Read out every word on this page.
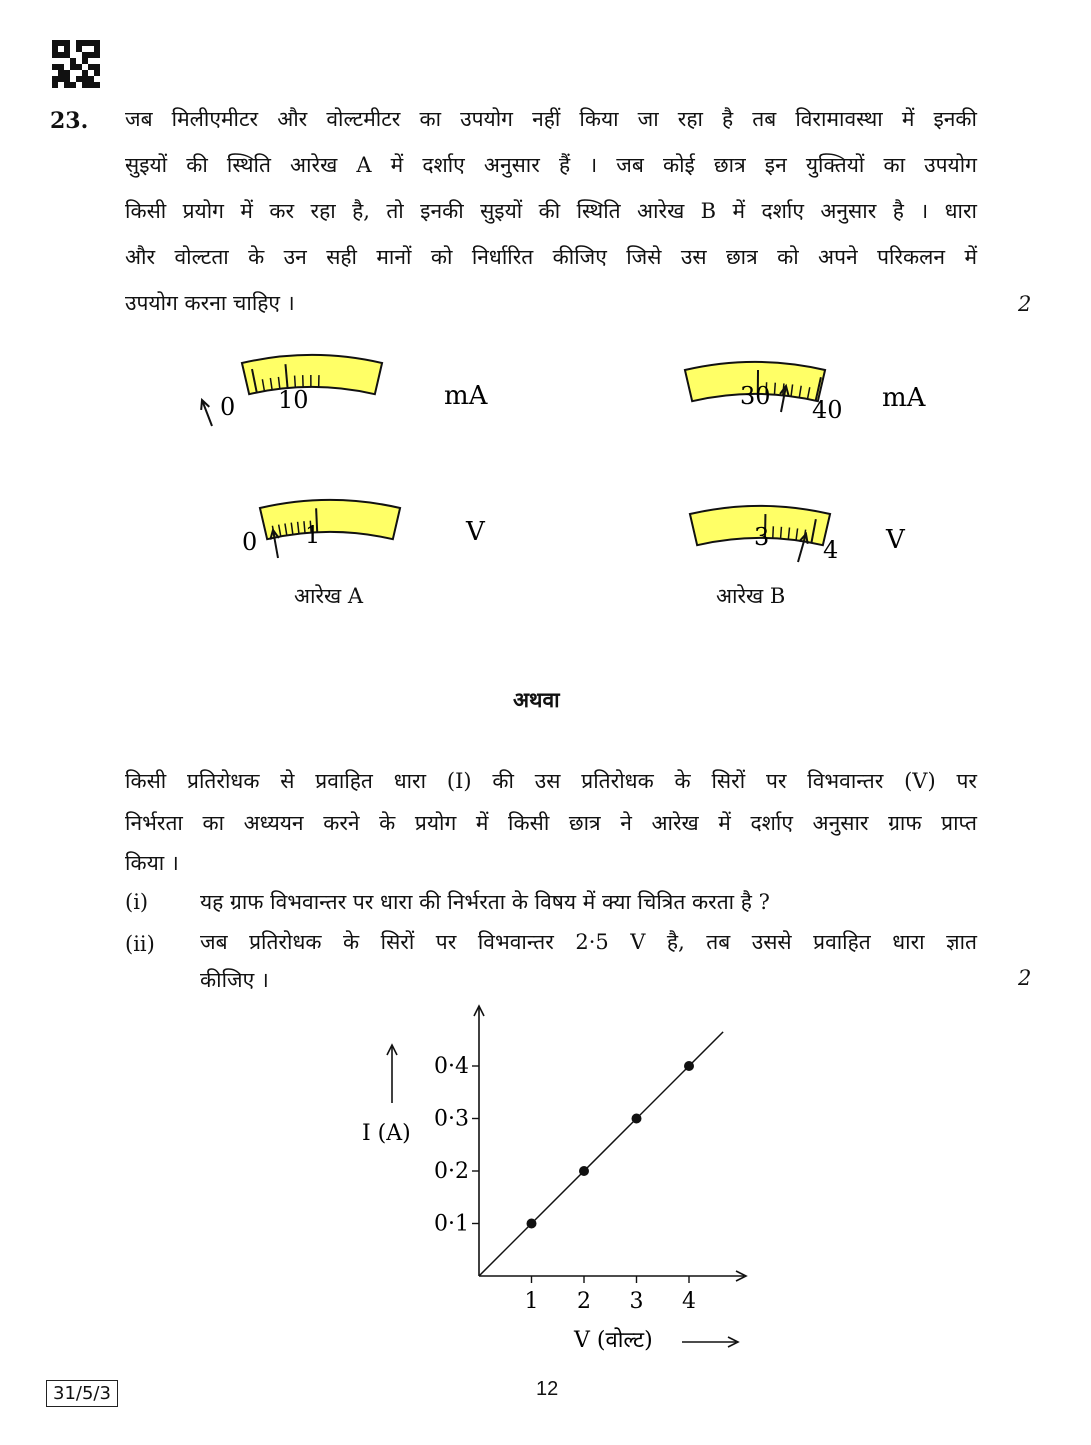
23. जब मिलीएमीटर और वोल्टमीटर का उपयोग नहीं किया जा रहा है तब विरामावस्था में इनकी
सुइयों की स्थिति आरेख A में दर्शाए अनुसार हैं । जब कोई छात्र इन युक्तियों का उपयोग
किसी प्रयोग में कर रहा है, तो इनकी सुइयों की स्थिति आरेख B में दर्शाए अनुसार है । धारा
और वोल्टता के उन सही मानों को निर्धारित कीजिए जिसे उस छात्र को अपने परिकलन में
उपयोग करना चाहिए ।	2
0 10	mA
0 1	V
30 40 mA
3 4 V
आरेख A	आरेख B
अथवा
किसी प्रतिरोधक से प्रवाहित धारा (I) की उस प्रतिरोधक के सिरों पर विभवान्तर (V) पर
निर्भरता का अध्ययन करने के प्रयोग में किसी छात्र ने आरेख में दर्शाए अनुसार ग्राफ प्राप्त
किया ।
(i) यह ग्राफ विभवान्तर पर धारा की निर्भरता के विषय में क्या चित्रित करता है ?
(ii) जब प्रतिरोधक के सिरों पर विभवान्तर 2·5 V है, तब उससे प्रवाहित धारा ज्ञात
कीजिए ।	2
1 2 3 4
0·1
0·2
0·3
0·4
I (A)
V (वोल्ट)
31/5/3	12
